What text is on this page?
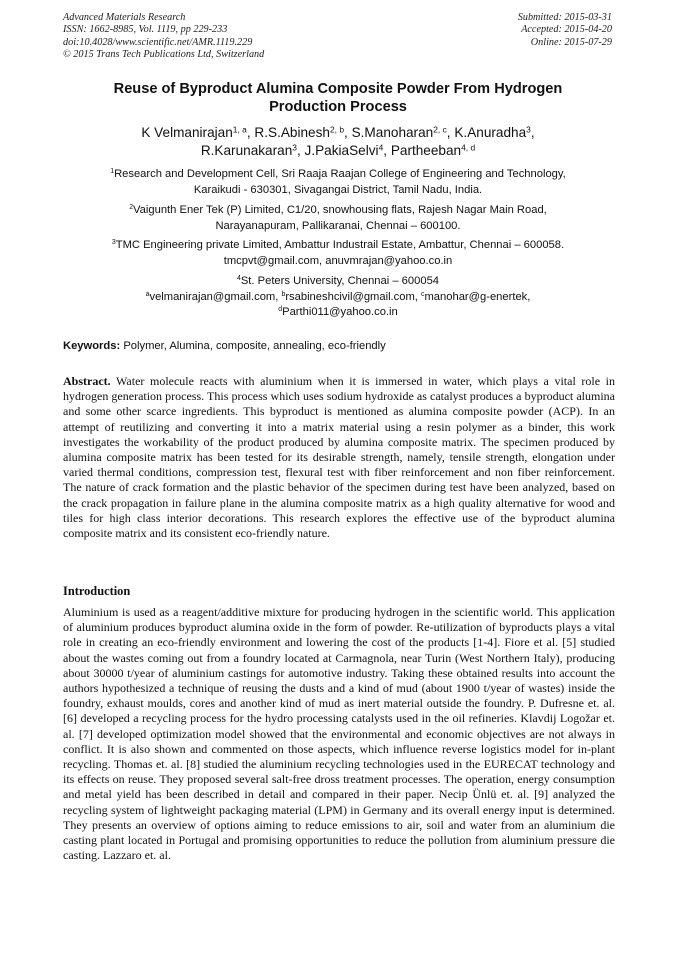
Advanced Materials Research
ISSN: 1662-8985, Vol. 1119, pp 229-233
doi:10.4028/www.scientific.net/AMR.1119.229
© 2015 Trans Tech Publications Ltd, Switzerland
Submitted: 2015-03-31
Accepted: 2015-04-20
Online: 2015-07-29
Reuse of Byproduct Alumina Composite Powder From Hydrogen
Production Process
K Velmanirajan$^{1, a}$, R.S.Abinesh$^{2, b}$, S.Manoharan$^{2, c}$, K.Anuradha$^3$,
R.Karunakaran$^3$, J.PakiaSelvi$^4$, Partheeban$^{4, d}$
$^1$Research and Development Cell, Sri Raaja Raajan College of Engineering and Technology,
Karaikudi - 630301, Sivagangai District, Tamil Nadu, India.
$^2$Vaigunth Ener Tek (P) Limited, C1/20, snowhousing flats, Rajesh Nagar Main Road,
Narayanapuram, Pallikaranai, Chennai – 600100.
$^3$TMC Engineering private Limited, Ambattur Industrail Estate, Ambattur, Chennai – 600058.
tmcpvt@gmail.com, anuvmrajan@yahoo.co.in
$^4$St. Peters University, Chennai – 600054
$^a$velmanirajan@gmail.com, $^b$rsabineshcivil@gmail.com, $^c$manohar@g-enertek,
$^d$Parthi011@yahoo.co.in
Keywords: Polymer, Alumina, composite, annealing, eco-friendly
Abstract. Water molecule reacts with aluminium when it is immersed in water, which plays a vital role in hydrogen generation process. This process which uses sodium hydroxide as catalyst produces a byproduct alumina and some other scarce ingredients. This byproduct is mentioned as alumina composite powder (ACP). In an attempt of reutilizing and converting it into a matrix material using a resin polymer as a binder, this work investigates the workability of the product produced by alumina composite matrix. The specimen produced by alumina composite matrix has been tested for its desirable strength, namely, tensile strength, elongation under varied thermal conditions, compression test, flexural test with fiber reinforcement and non fiber reinforcement. The nature of crack formation and the plastic behavior of the specimen during test have been analyzed, based on the crack propagation in failure plane in the alumina composite matrix as a high quality alternative for wood and tiles for high class interior decorations. This research explores the effective use of the byproduct alumina composite matrix and its consistent eco-friendly nature.
Introduction
Aluminium is used as a reagent/additive mixture for producing hydrogen in the scientific world. This application of aluminium produces byproduct alumina oxide in the form of powder. Re-utilization of byproducts plays a vital role in creating an eco-friendly environment and lowering the cost of the products [1-4]. Fiore et al. [5] studied about the wastes coming out from a foundry located at Carmagnola, near Turin (West Northern Italy), producing about 30000 t/year of aluminium castings for automotive industry. Taking these obtained results into account the authors hypothesized a technique of reusing the dusts and a kind of mud (about 1900 t/year of wastes) inside the foundry, exhaust moulds, cores and another kind of mud as inert material outside the foundry. P. Dufresne et. al. [6] developed a recycling process for the hydro processing catalysts used in the oil refineries. Klavdij Logožar et. al. [7] developed optimization model showed that the environmental and economic objectives are not always in conflict. It is also shown and commented on those aspects, which influence reverse logistics model for in-plant recycling. Thomas et. al. [8] studied the aluminium recycling technologies used in the EURECAT technology and its effects on reuse. They proposed several salt-free dross treatment processes. The operation, energy consumption and metal yield has been described in detail and compared in their paper. Necip Ünlü et. al. [9] analyzed the recycling system of lightweight packaging material (LPM) in Germany and its overall energy input is determined. They presents an overview of options aiming to reduce emissions to air, soil and water from an aluminium die casting plant located in Portugal and promising opportunities to reduce the pollution from aluminium pressure die casting. Lazzaro et. al.
